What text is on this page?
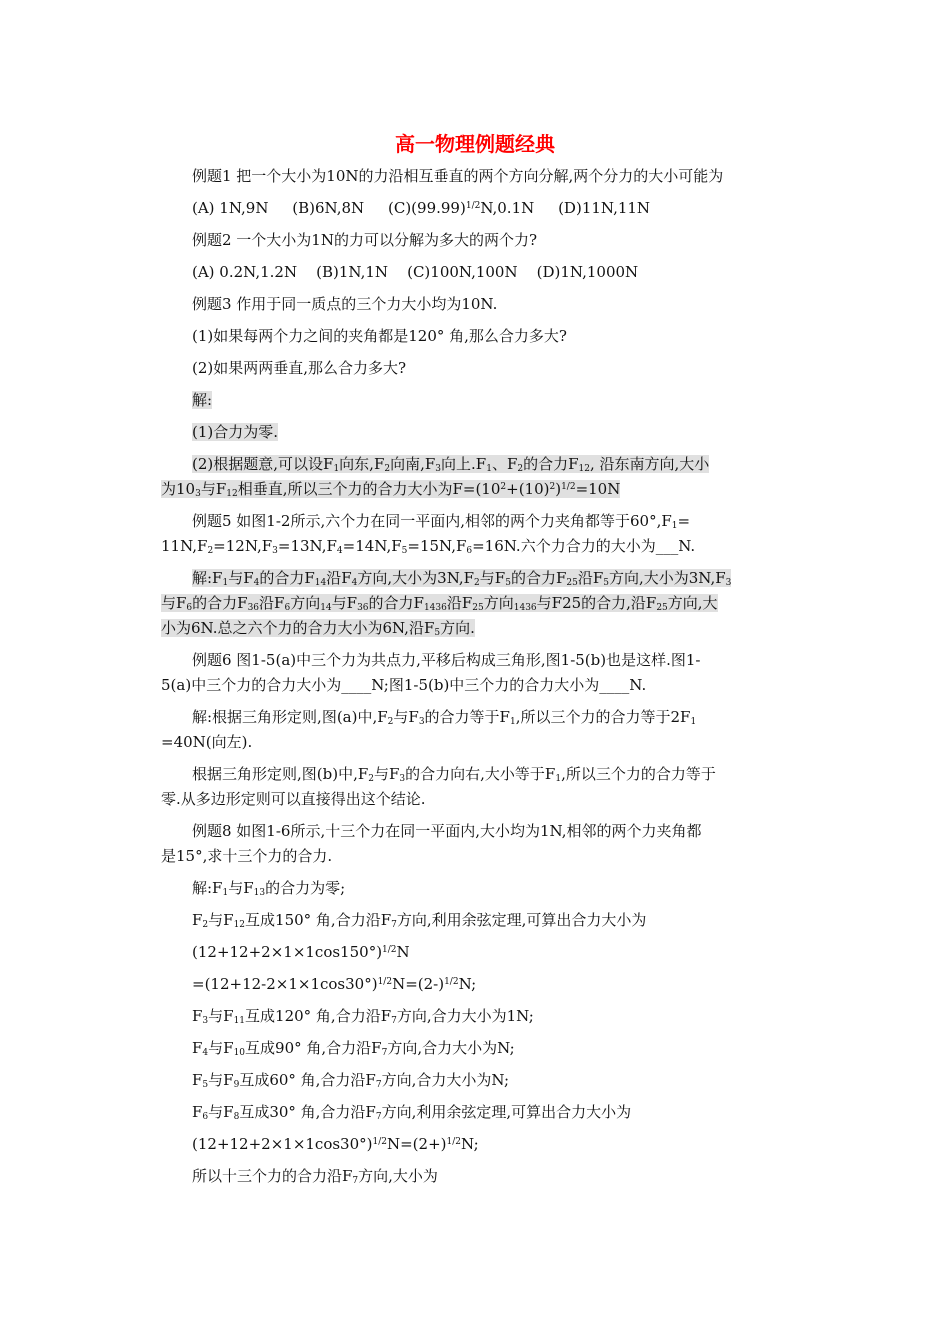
高一物理例题经典
例题1 把一个大小为10N的力沿相互垂直的两个方向分解,两个分力的大小可能为
(A) 1N,9N     (B)6N,8N     $(C)(99.99)^{1/2}N,0.1N$     (D)11N,11N
例题2 一个大小为1N的力可以分解为多大的两个力?
(A) 0.2N,1.2N    (B)1N,1N    (C)100N,100N    (D)1N,1000N
例题3 作用于同一质点的三个力大小均为10N.
(1)如果每两个力之间的夹角都是120° 角,那么合力多大?
(2)如果两两垂直,那么合力多大?
解:
(1)合力为零.
(2)根据题意,可以设$F_1$向东$,F_2$向南$,F_3$向上$.F_1$、$F_2$的合力$F_{12}$, 沿东南方向,大小
为$10_3$与$F_{12}$相垂直,所以三个力的合力大小为$F=(10^2+(10)^2)^{1/2}=10N$
例题5 如图1-2所示,六个力在同一平面内,相邻的两个力夹角都等于$60^\circ,F_1=$
$11N,F_2=12N,F_3=13N,F_4=14N,F_5=15N,F_6=16N$.六个力合力的大小为___N.
解$:F_1$与$F_4$的合力$F_{14}$沿$F_4$方向,大小为$3N,F_2$与$F_5$的合力$F_{25}$沿$F_5$方向,大小为$3N,F_3$
与$F_6$的合力$F_{36}$沿$F_6$方向$_{14}$与$F_{36}$的合力$F_{1436}$沿$F_{25}$方向$_{1436}$与F25的合力,沿$F_{25}$方向,大
小为6N.总之六个力的合力大小为6N,沿$F_5$方向.
例题6 图1-5(a)中三个力为共点力,平移后构成三角形,图1-5(b)也是这样.图1-
5(a)中三个力的合力大小为____N;图1-5(b)中三个力的合力大小为____N.
解:根据三角形定则,图(a)中$,F_2$与$F_3$的合力等于$F_1$,所以三个力的合力等于$2F_1$
=40N(向左).
根据三角形定则,图(b)中$,F_2$与$F_3$的合力向右,大小等于$F_1$,所以三个力的合力等于
零.从多边形定则可以直接得出这个结论.
例题8 如图1-6所示,十三个力在同一平面内,大小均为1N,相邻的两个力夹角都
是15°,求十三个力的合力.
解$:F_1$与$F_{13}$的合力为零;
$F_2$与$F_{12}$互成150° 角,合力沿$F_7$方向,利用余弦定理,可算出合力大小为
$(12+12+2\times 1\times 1\cos 150^\circ)^{1/2}N$
$=(12+12-2\times 1\times 1\cos 30^\circ)^{1/2}N=(2-)^{1/2}N$;
$F_3$与$F_{11}$互成120° 角,合力沿$F_7$方向,合力大小为1N;
$F_4$与$F_{10}$互成90° 角,合力沿$F_7$方向,合力大小为N;
$F_5$与$F_9$互成60° 角,合力沿$F_7$方向,合力大小为N;
$F_6$与$F_8$互成30° 角,合力沿$F_7$方向,利用余弦定理,可算出合力大小为
$(12+12+2\times 1\times 1\cos 30^\circ)^{1/2}N=(2+)^{1/2}N$;
所以十三个力的合力沿$F_7$方向,大小为
